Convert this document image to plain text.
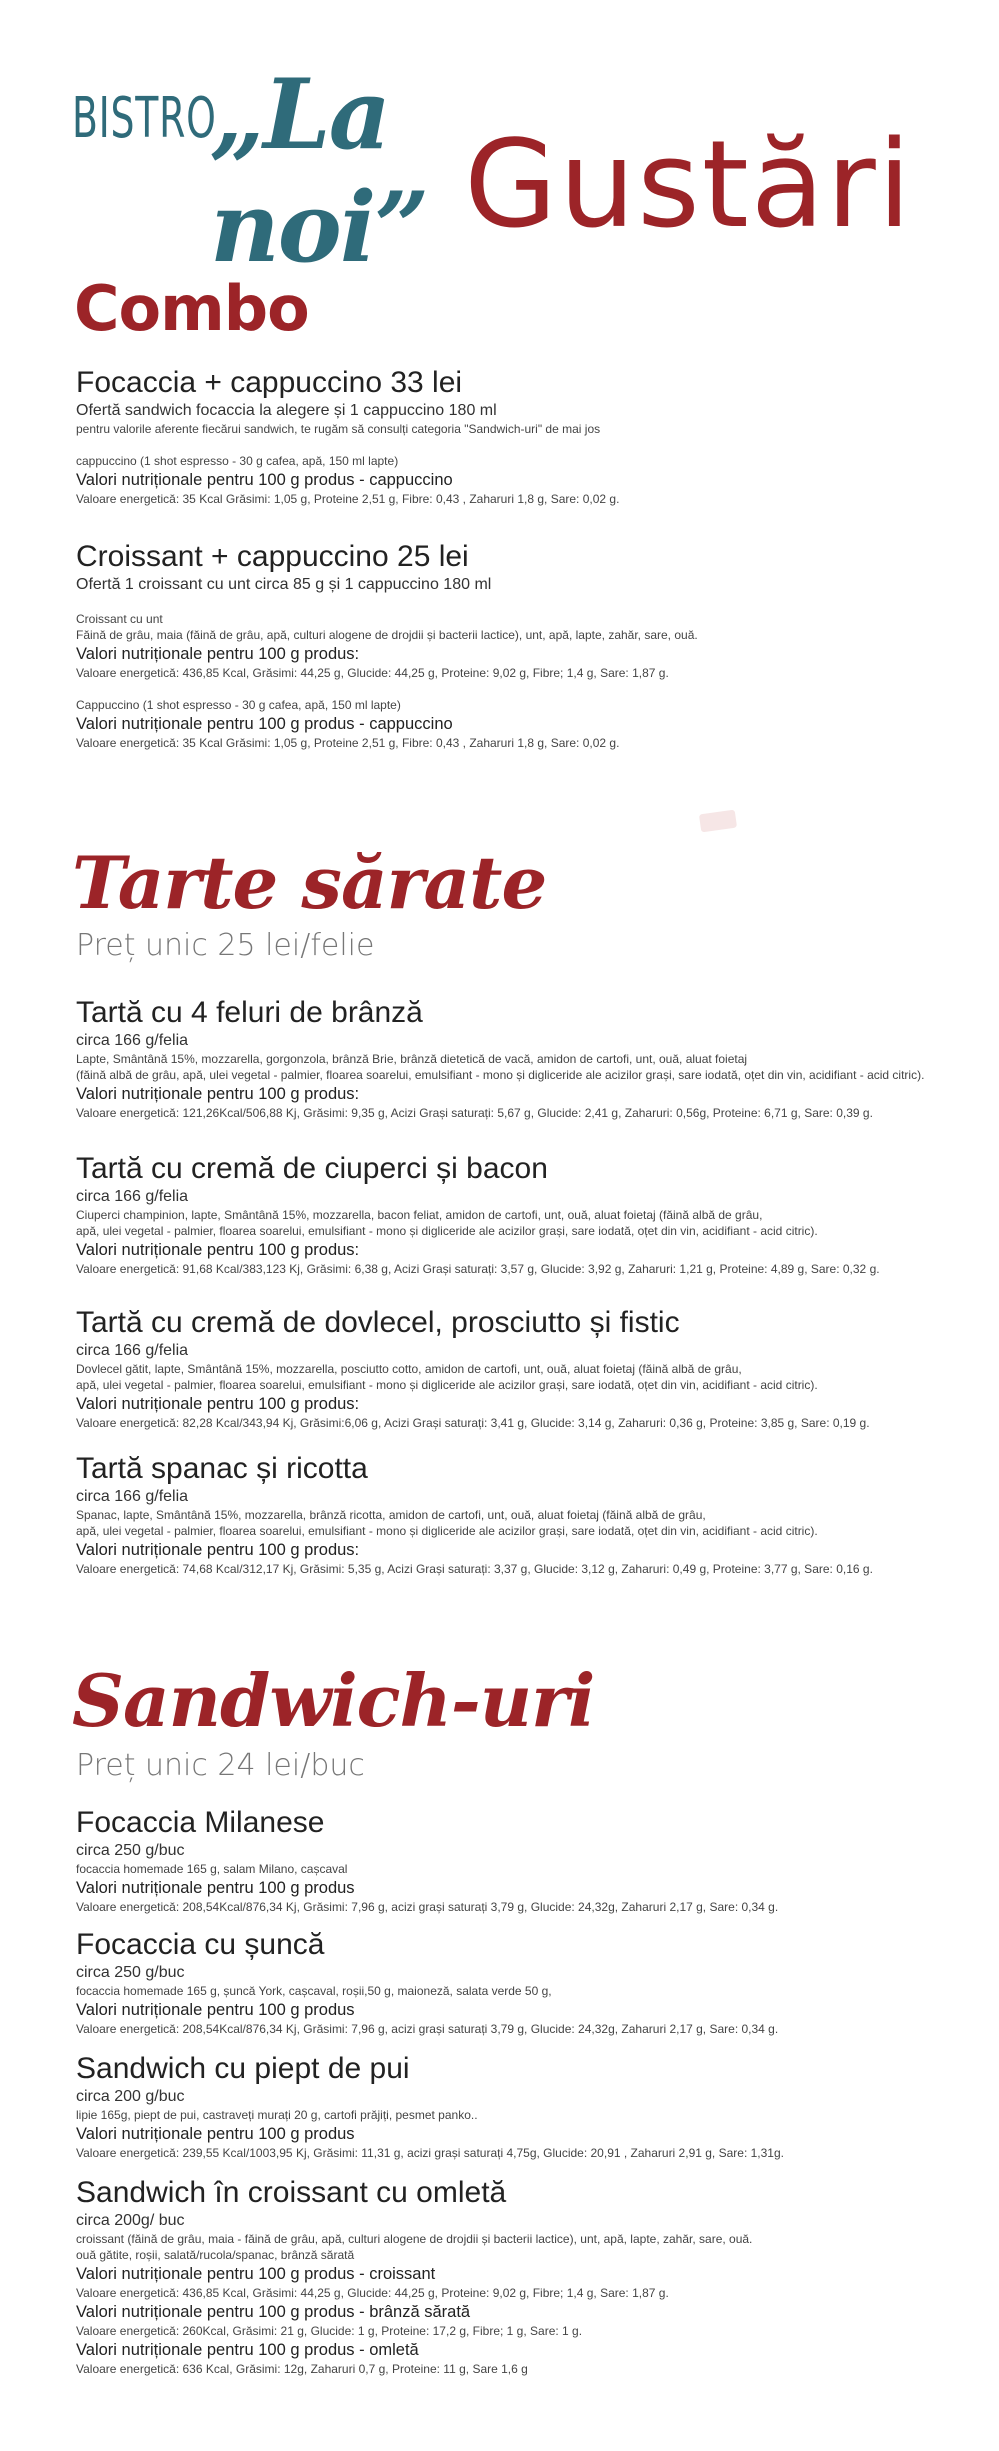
BISTRO
„La noi” Gustări
Combo
Focaccia + cappuccino 33 lei
Ofertă sandwich focaccia la alegere și 1 cappuccino 180 ml
pentru valorile aferente fiecărui sandwich, te rugăm să consulți categoria "Sandwich-uri" de mai jos
cappuccino (1 shot espresso - 30 g cafea, apă, 150 ml lapte)
Valori nutriționale pentru 100 g produs - cappuccino
Valoare energetică: 35 Kcal Grăsimi: 1,05 g, Proteine 2,51 g, Fibre: 0,43 , Zaharuri 1,8 g, Sare: 0,02 g.
Croissant + cappuccino 25 lei
Ofertă 1 croissant cu unt circa 85 g și 1 cappuccino 180 ml
Croissant cu unt
Făină de grâu, maia (făină de grâu, apă, culturi alogene de drojdii și bacterii lactice), unt, apă, lapte, zahăr, sare, ouă.
Valori nutriționale pentru 100 g produs:
Valoare energetică: 436,85 Kcal, Grăsimi: 44,25 g, Glucide: 44,25 g, Proteine: 9,02 g, Fibre; 1,4 g, Sare: 1,87 g.
Cappuccino (1 shot espresso - 30 g cafea, apă, 150 ml lapte)
Valori nutriționale pentru 100 g produs - cappuccino
Valoare energetică: 35 Kcal Grăsimi: 1,05 g, Proteine 2,51 g, Fibre: 0,43 , Zaharuri 1,8 g, Sare: 0,02 g.
Tarte sărate
Preț unic 25 lei/felie
Tartă cu 4 feluri de brânză
circa 166 g/felia
Lapte, Smântână 15%, mozzarella, gorgonzola, brânză Brie, brânză dietetică de vacă, amidon de cartofi, unt, ouă, aluat foietaj
(făină albă de grâu, apă, ulei vegetal - palmier, floarea soarelui, emulsifiant - mono și digliceride ale acizilor grași, sare iodată, oțet din vin, acidifiant - acid citric).
Valori nutriționale pentru 100 g produs:
Valoare energetică: 121,26Kcal/506,88 Kj, Grăsimi: 9,35 g, Acizi Grași saturați: 5,67 g, Glucide: 2,41 g, Zaharuri: 0,56g, Proteine: 6,71 g, Sare: 0,39 g.
Tartă cu cremă de ciuperci și bacon
circa 166 g/felia
Ciuperci champinion, lapte, Smântână 15%, mozzarella, bacon feliat, amidon de cartofi, unt, ouă, aluat foietaj (făină albă de grâu,
apă, ulei vegetal - palmier, floarea soarelui, emulsifiant - mono și digliceride ale acizilor grași, sare iodată, oțet din vin, acidifiant - acid citric).
Valori nutriționale pentru 100 g produs:
Valoare energetică: 91,68 Kcal/383,123 Kj, Grăsimi: 6,38 g, Acizi Grași saturați: 3,57 g, Glucide: 3,92 g, Zaharuri: 1,21 g, Proteine: 4,89 g, Sare: 0,32 g.
Tartă cu cremă de dovlecel, prosciutto și fistic
circa 166 g/felia
Dovlecel gătit, lapte, Smântână 15%, mozzarella, posciutto cotto, amidon de cartofi, unt, ouă, aluat foietaj (făină albă de grâu,
apă, ulei vegetal - palmier, floarea soarelui, emulsifiant - mono și digliceride ale acizilor grași, sare iodată, oțet din vin, acidifiant - acid citric).
Valori nutriționale pentru 100 g produs:
Valoare energetică: 82,28 Kcal/343,94 Kj, Grăsimi:6,06 g, Acizi Grași saturați: 3,41 g, Glucide: 3,14 g, Zaharuri: 0,36 g, Proteine: 3,85 g, Sare: 0,19 g.
Tartă spanac și ricotta
circa 166 g/felia
Spanac, lapte, Smântână 15%, mozzarella, brânză ricotta, amidon de cartofi, unt, ouă, aluat foietaj (făină albă de grâu,
apă, ulei vegetal - palmier, floarea soarelui, emulsifiant - mono și digliceride ale acizilor grași, sare iodată, oțet din vin, acidifiant - acid citric).
Valori nutriționale pentru 100 g produs:
Valoare energetică: 74,68 Kcal/312,17 Kj, Grăsimi: 5,35 g, Acizi Grași saturați: 3,37 g, Glucide: 3,12 g, Zaharuri: 0,49 g, Proteine: 3,77 g, Sare: 0,16 g.
Sandwich-uri
Preț unic 24 lei/buc
Focaccia Milanese
circa 250 g/buc
focaccia homemade 165 g, salam Milano, cașcaval
Valori nutriționale pentru 100 g produs
Valoare energetică: 208,54Kcal/876,34 Kj, Grăsimi: 7,96 g, acizi grași saturați 3,79 g, Glucide: 24,32g, Zaharuri 2,17 g, Sare: 0,34 g.
Focaccia cu șuncă
circa 250 g/buc
focaccia homemade 165 g, șuncă York, cașcaval, roșii,50 g, maioneză, salata verde 50 g,
Valori nutriționale pentru 100 g produs
Valoare energetică: 208,54Kcal/876,34 Kj, Grăsimi: 7,96 g, acizi grași saturați 3,79 g, Glucide: 24,32g, Zaharuri 2,17 g, Sare: 0,34 g.
Sandwich cu piept de pui
circa 200 g/buc
lipie 165g, piept de pui, castraveți murați 20 g, cartofi prăjiți, pesmet panko..
Valori nutriționale pentru 100 g produs
Valoare energetică: 239,55 Kcal/1003,95 Kj, Grăsimi: 11,31 g, acizi grași saturați 4,75g, Glucide: 20,91 , Zaharuri 2,91 g, Sare: 1,31g.
Sandwich în croissant cu omletă
circa 200g/ buc
croissant (făină de grâu, maia - făină de grâu, apă, culturi alogene de drojdii și bacterii lactice), unt, apă, lapte, zahăr, sare, ouă.
ouă gătite, roșii, salată/rucola/spanac, brânză sărată
Valori nutriționale pentru 100 g produs - croissant
Valoare energetică: 436,85 Kcal, Grăsimi: 44,25 g, Glucide: 44,25 g, Proteine: 9,02 g, Fibre; 1,4 g, Sare: 1,87 g.
Valori nutriționale pentru 100 g produs - brânză sărată
Valoare energetică: 260Kcal, Grăsimi: 21 g, Glucide: 1 g, Proteine: 17,2 g, Fibre; 1 g, Sare: 1 g.
Valori nutriționale pentru 100 g produs - omletă
Valoare energetică: 636 Kcal, Grăsimi: 12g, Zaharuri 0,7 g, Proteine: 11 g, Sare 1,6 g
